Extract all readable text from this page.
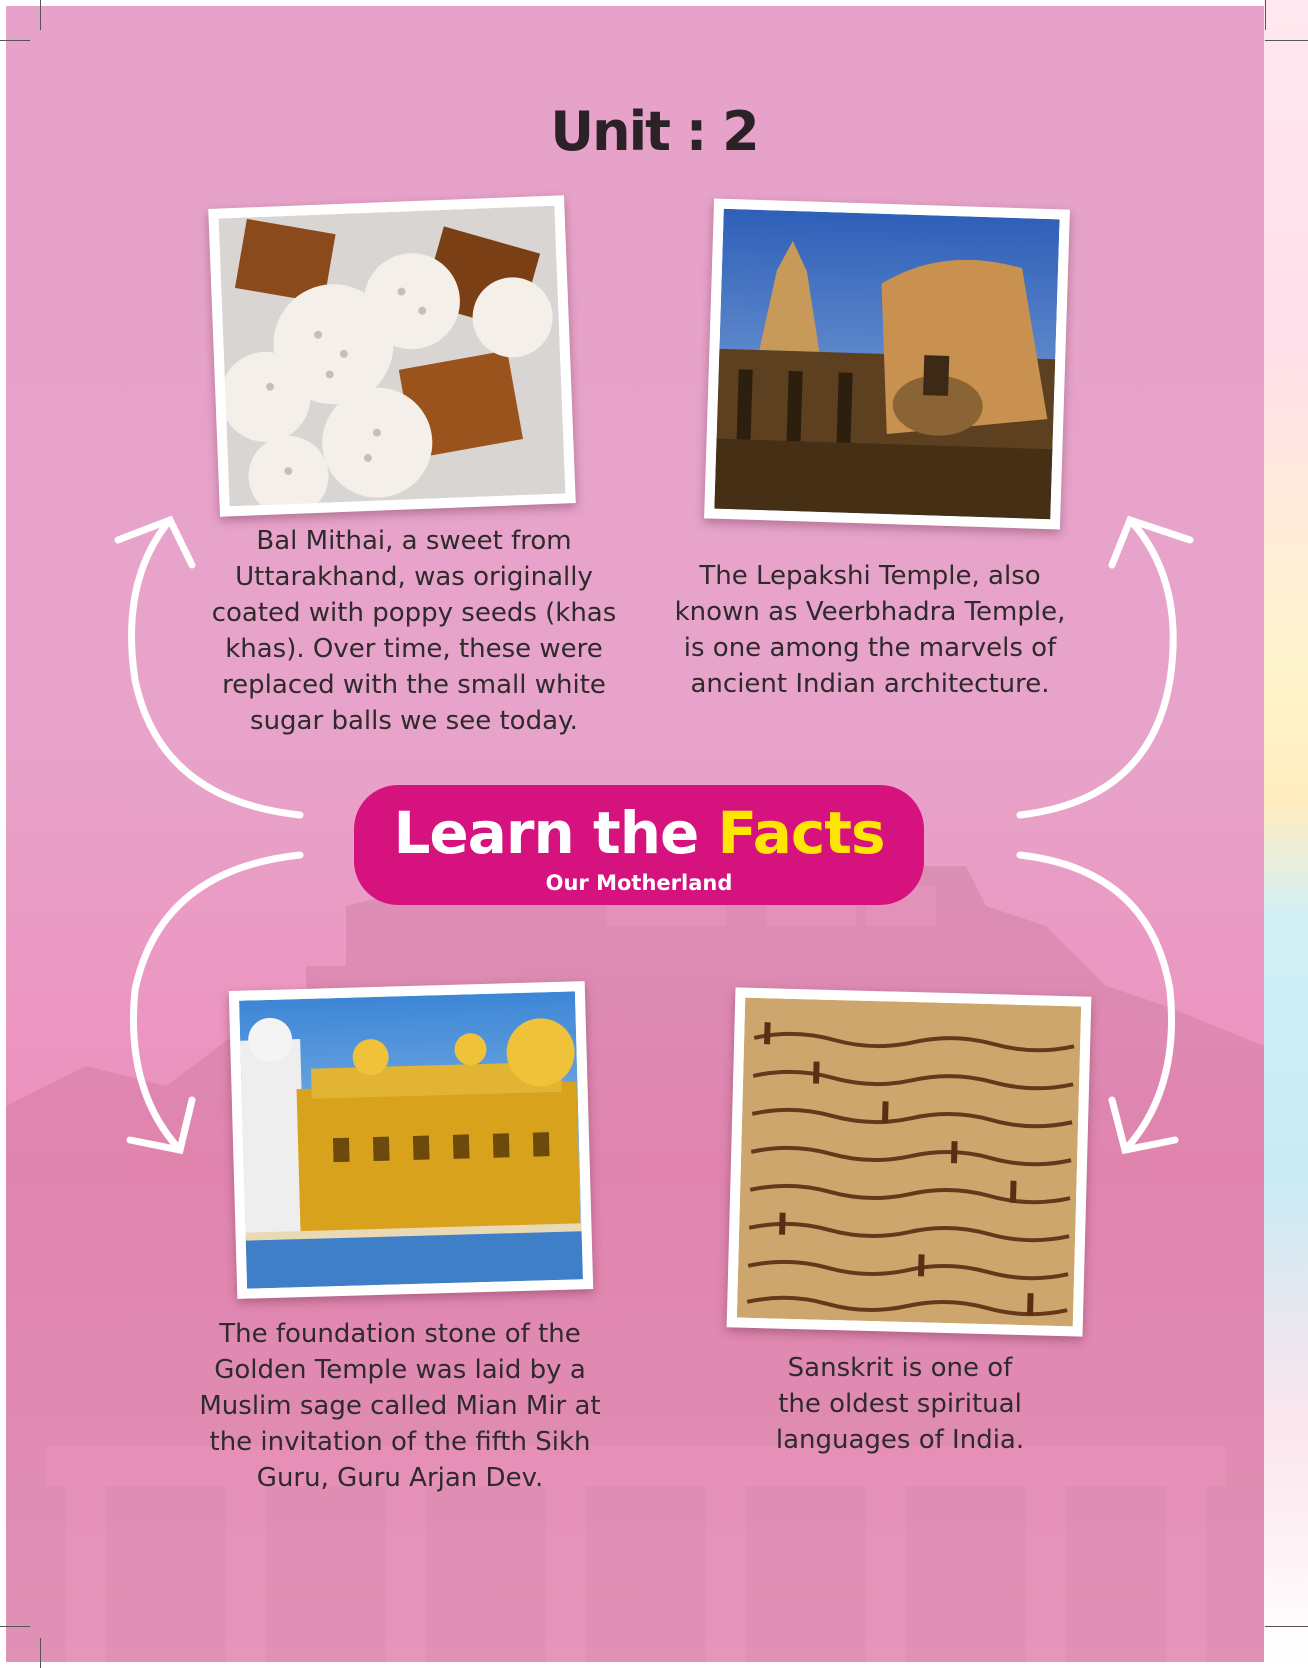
Unit : 2
Bal Mithai, a sweet from
Uttarakhand, was originally
coated with poppy seeds (khas
khas). Over time, these were
replaced with the small white
sugar balls we see today.
The Lepakshi Temple, also
known as Veerbhadra Temple,
is one among the marvels of
ancient Indian architecture.
Learn the Facts
Our Motherland
The foundation stone of the
Golden Temple was laid by a
Muslim sage called Mian Mir at
the invitation of the fifth Sikh
Guru, Guru Arjan Dev.
Sanskrit is one of
the oldest spiritual
languages of India.
